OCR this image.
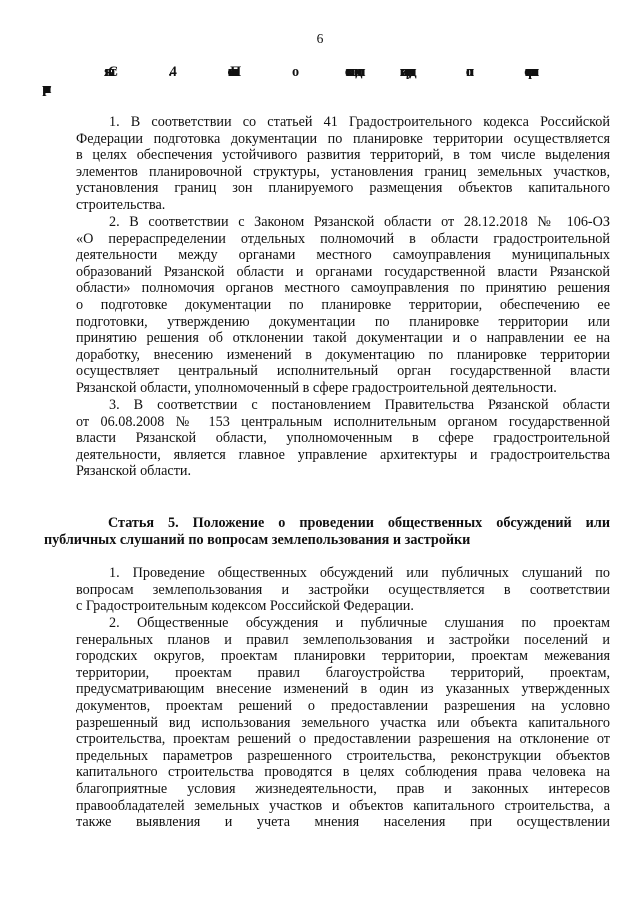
6
Статья 4. Положение о подготовке документации по планировке
1. В соответствии со статьей 41 Градостроительного кодекса Российской
Федерации подготовка документации по планировке территории осуществляется
в целях обеспечения устойчивого развития территорий, в том числе выделения
элементов планировочной структуры, установления границ земельных участков,
установления границ зон планируемого размещения объектов капитального
строительства.
2. В соответствии с Законом Рязанской области от 28.12.2018 № 106-ОЗ
«О перераспределении отдельных полномочий в области градостроительной
деятельности между органами местного самоуправления муниципальных
образований Рязанской области и органами государственной власти Рязанской
области» полномочия органов местного самоуправления по принятию решения
о подготовке документации по планировке территории, обеспечению ее
подготовки, утверждению документации по планировке территории или
принятию решения об отклонении такой документации и о направлении ее на
доработку, внесению изменений в документацию по планировке территории
осуществляет центральный исполнительный орган государственной власти
Рязанской области, уполномоченный в сфере градостроительной деятельности.
3. В соответствии с постановлением Правительства Рязанской области
от 06.08.2008 № 153 центральным исполнительным органом государственной
власти Рязанской области, уполномоченным в сфере градостроительной
деятельности, является главное управление архитектуры и градостроительства
Рязанской области.
Статья 5. Положение о проведении общественных обсуждений или
публичных слушаний по вопросам землепользования и застройки
1. Проведение общественных обсуждений или публичных слушаний по
вопросам землепользования и застройки осуществляется в соответствии
с Градостроительным кодексом Российской Федерации.
2. Общественные обсуждения и публичные слушания по проектам
генеральных планов и правил землепользования и застройки поселений и
городских округов, проектам планировки территории, проектам межевания
территории, проектам правил благоустройства территорий, проектам,
предусматривающим внесение изменений в один из указанных утвержденных
документов, проектам решений о предоставлении разрешения на условно
разрешенный вид использования земельного участка или объекта капитального
строительства, проектам решений о предоставлении разрешения на отклонение от
предельных параметров разрешенного строительства, реконструкции объектов
капитального строительства проводятся в целях соблюдения права человека на
благоприятные условия жизнедеятельности, прав и законных интересов
правообладателей земельных участков и объектов капитального строительства, а
также выявления и учета мнения населения при осуществлении
